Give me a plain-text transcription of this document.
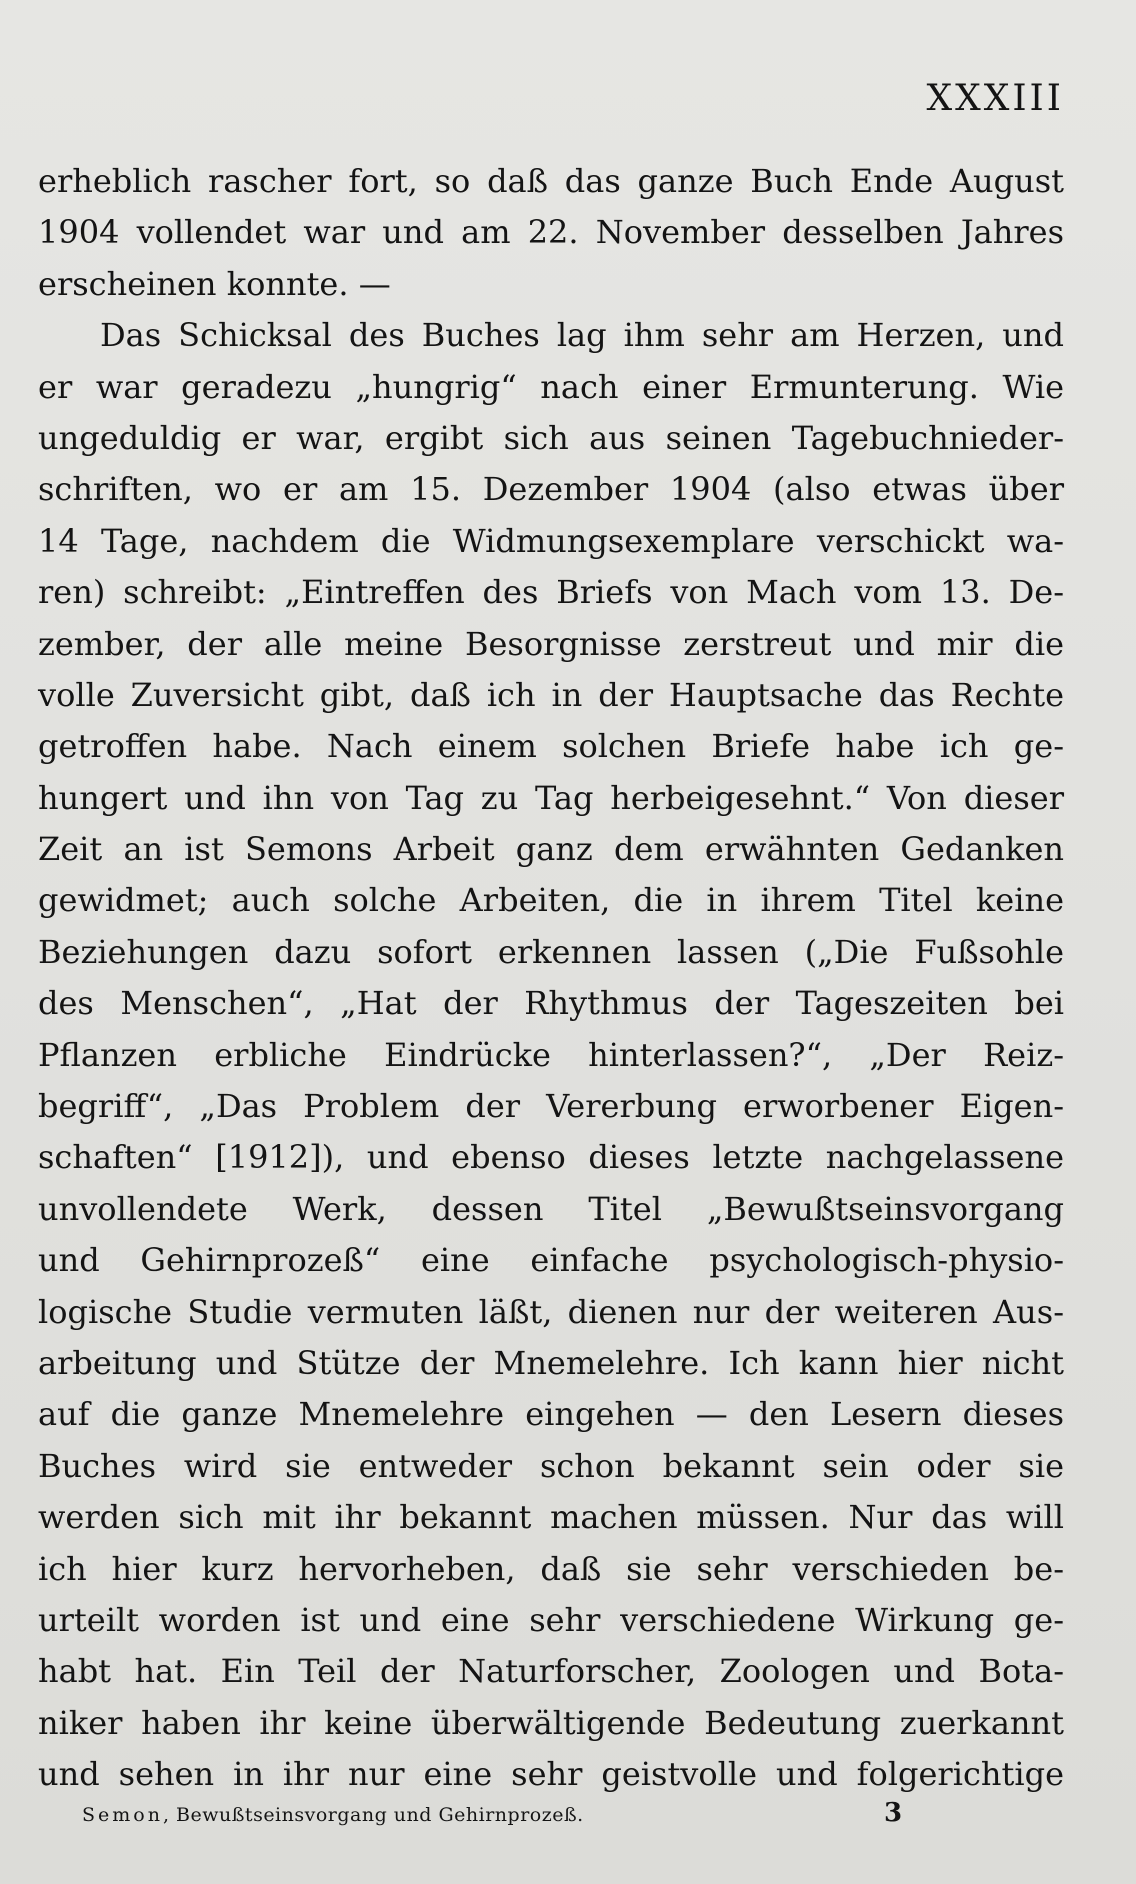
XXXIII
erheblich rascher fort, so daß das ganze Buch Ende August
1904 vollendet war und am 22. November desselben Jahres
erscheinen konnte. —
Das Schicksal des Buches lag ihm sehr am Herzen, und
er war geradezu „hungrig“ nach einer Ermunterung. Wie
ungeduldig er war, ergibt sich aus seinen Tagebuchnieder-
schriften, wo er am 15. Dezember 1904 (also etwas über
14 Tage, nachdem die Widmungsexemplare verschickt wa-
ren) schreibt: „Eintreffen des Briefs von Mach vom 13. De-
zember, der alle meine Besorgnisse zerstreut und mir die
volle Zuversicht gibt, daß ich in der Hauptsache das Rechte
getroffen habe. Nach einem solchen Briefe habe ich ge-
hungert und ihn von Tag zu Tag herbeigesehnt.“ Von dieser
Zeit an ist Semons Arbeit ganz dem erwähnten Gedanken
gewidmet; auch solche Arbeiten, die in ihrem Titel keine
Beziehungen dazu sofort erkennen lassen („Die Fußsohle
des Menschen“, „Hat der Rhythmus der Tageszeiten bei
Pflanzen erbliche Eindrücke hinterlassen?“, „Der Reiz-
begriff“, „Das Problem der Vererbung erworbener Eigen-
schaften“ [1912]), und ebenso dieses letzte nachgelassene
unvollendete Werk, dessen Titel „Bewußtseinsvorgang
und Gehirnprozeß“ eine einfache psychologisch-physio-
logische Studie vermuten läßt, dienen nur der weiteren Aus-
arbeitung und Stütze der Mnemelehre. Ich kann hier nicht
auf die ganze Mnemelehre eingehen — den Lesern dieses
Buches wird sie entweder schon bekannt sein oder sie
werden sich mit ihr bekannt machen müssen. Nur das will
ich hier kurz hervorheben, daß sie sehr verschieden be-
urteilt worden ist und eine sehr verschiedene Wirkung ge-
habt hat. Ein Teil der Naturforscher, Zoologen und Bota-
niker haben ihr keine überwältigende Bedeutung zuerkannt
und sehen in ihr nur eine sehr geistvolle und folgerichtige
Semon, Bewußtseinsvorgang und Gehirnprozeß.	3
